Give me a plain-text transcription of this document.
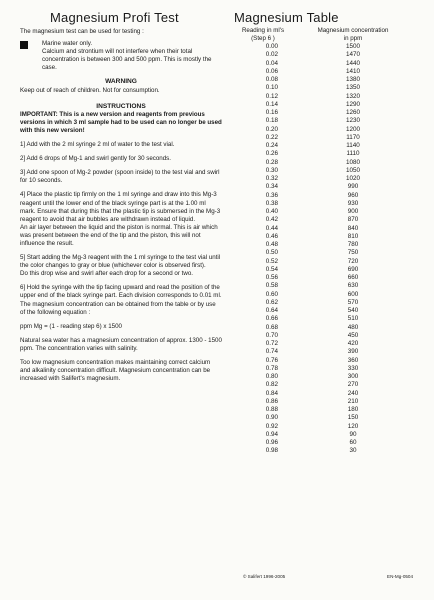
Magnesium Profi Test

The magnesium test can be used for testing :

Marine water only.

Calcium and strontium will not interfere when their total concentration is between 300 and 500 ppm. This is mostly the case.

WARNING

Keep out of reach of children. Not for consumption.

INSTRUCTIONS

IMPORTANT: This is a new version and reagents from previous versions in which 3 ml sample had to be used can no longer be used with this new version!

1] Add with the 2 ml syringe 2 ml of water to the test vial.

2] Add 6 drops of Mg-1 and swirl gently for 30 seconds.

3] Add one spoon of Mg-2 powder (spoon inside) to the test vial and swirl for 10 seconds.

4] Place the plastic tip firmly on the 1 ml syringe and draw into this Mg-3 reagent until the lower end of the black syringe part is at the 1.00 ml mark. Ensure that during this that the plastic tip is submersed in the Mg-3 reagent to avoid that air bubbles are withdrawn instead of liquid.

An air layer between the liquid and the piston is normal. This is air which was present between the end of the tip and the piston, this will not influence the result.

5] Start adding the Mg-3 reagent with the 1 ml syringe to the test vial until the color changes to gray or blue (whichever color is observed first).

Do this drop wise and swirl after each drop for a second or two.

6] Hold the syringe with the tip facing upward and read the position of the upper end of the black syringe part. Each division corresponds to 0.01 ml.

The magnesium concentration can be obtained from the table or by use of the following equation :

ppm Mg = (1 - reading step 6) x 1500

Natural sea water has a magnesium concentration of approx. 1300 - 1500 ppm. The concentration varies with salinity.

Too low magnesium concentration makes maintaining correct calcium and alkalinity concentration difficult. Magnesium concentration can be increased with Salifert's magnesium.

Magnesium Table
Reading in ml's
(Step 6 )
Magnesium concentration
in ppm
0.00	1500
0.02	1470
0.04	1440
0.06	1410
0.08	1380
0.10	1350
0.12	1320
0.14	1290
0.16	1260
0.18	1230
0.20	1200
0.22	1170
0.24	1140
0.26	1110
0.28	1080
0.30	1050
0.32	1020
0.34	990
0.36	960
0.38	930
0.40	900
0.42	870
0.44	840
0.46	810
0.48	780
0.50	750
0.52	720
0.54	690
0.56	660
0.58	630
0.60	600
0.62	570
0.64	540
0.66	510
0.68	480
0.70	450
0.72	420
0.74	390
0.76	360
0.78	330
0.80	300
0.82	270
0.84	240
0.86	210
0.88	180
0.90	150
0.92	120
0.94	90
0.96	60
0.98	30
© Salifert 1996-2005	EN-Mg-0504
